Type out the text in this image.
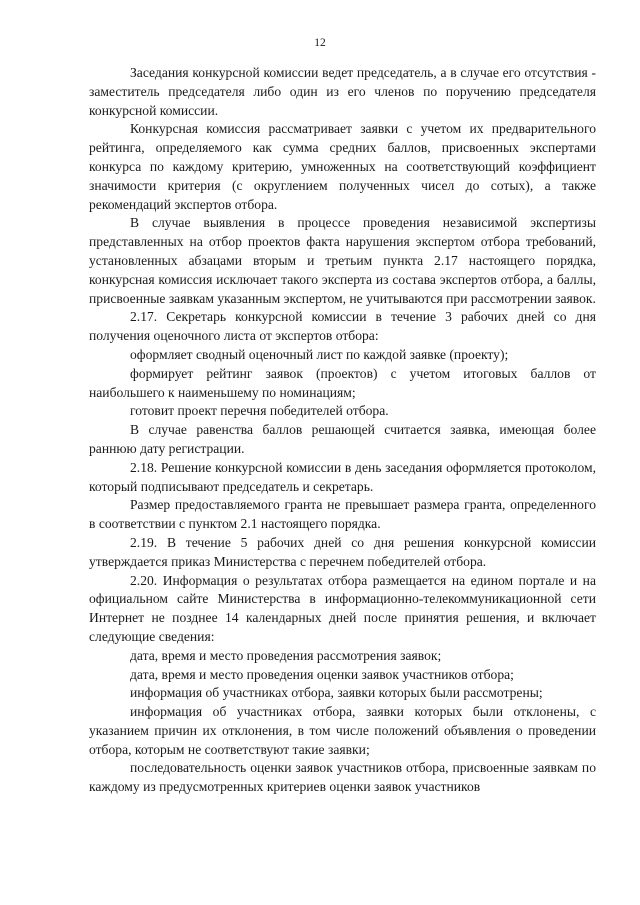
12

Заседания конкурсной комиссии ведет председатель, а в случае его отсутствия - заместитель председателя либо один из его членов по поручению председателя конкурсной комиссии.

Конкурсная комиссия рассматривает заявки с учетом их предварительного рейтинга, определяемого как сумма средних баллов, присвоенных экспертами конкурса по каждому критерию, умноженных на соответствующий коэффициент значимости критерия (с округлением полученных чисел до сотых), а также рекомендаций экспертов отбора.

В случае выявления в процессе проведения независимой экспертизы представленных на отбор проектов факта нарушения экспертом отбора требований, установленных абзацами вторым и третьим пункта 2.17 настоящего порядка, конкурсная комиссия исключает такого эксперта из состава экспертов отбора, а баллы, присвоенные заявкам указанным экспертом, не учитываются при рассмотрении заявок.

2.17. Секретарь конкурсной комиссии в течение 3 рабочих дней со дня получения оценочного листа от экспертов отбора:

оформляет сводный оценочный лист по каждой заявке (проекту);

формирует рейтинг заявок (проектов) с учетом итоговых баллов от наибольшего к наименьшему по номинациям;

готовит проект перечня победителей отбора.

В случае равенства баллов решающей считается заявка, имеющая более раннюю дату регистрации.

2.18. Решение конкурсной комиссии в день заседания оформляется протоколом, который подписывают председатель и секретарь.

Размер предоставляемого гранта не превышает размера гранта, определенного в соответствии с пунктом 2.1 настоящего порядка.

2.19. В течение 5 рабочих дней со дня решения конкурсной комиссии утверждается приказ Министерства с перечнем победителей отбора.

2.20. Информация о результатах отбора размещается на едином портале и на официальном сайте Министерства в информационно-телекоммуникационной сети Интернет не позднее 14 календарных дней после принятия решения, и включает следующие сведения:

дата, время и место проведения рассмотрения заявок;

дата, время и место проведения оценки заявок участников отбора;

информация об участниках отбора, заявки которых были рассмотрены;

информация об участниках отбора, заявки которых были отклонены, с указанием причин их отклонения, в том числе положений объявления о проведении отбора, которым не соответствуют такие заявки;

последовательность оценки заявок участников отбора, присвоенные заявкам по каждому из предусмотренных критериев оценки заявок участников
